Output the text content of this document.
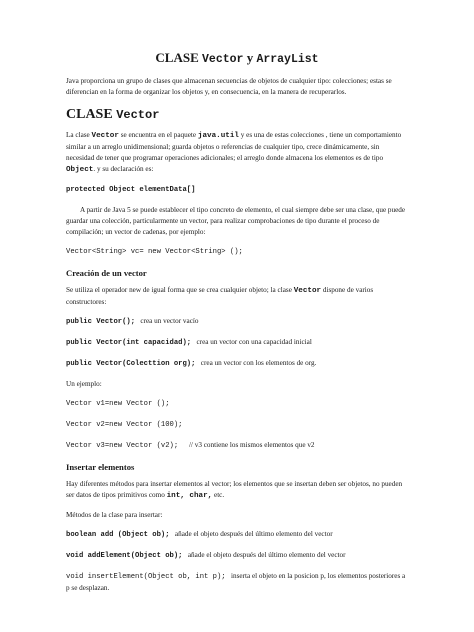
CLASE Vector y ArrayList

Java proporciona un grupo de clases que almacenan secuencias de objetos de cualquier tipo: colecciones; estas se diferencian en la forma de organizar los objetos y, en consecuencia, en la manera de recuperarlos.

CLASE Vector

La clase Vector se encuentra en el paquete java.util y es una de estas colecciones , tiene un comportamiento similar a un arreglo unidimensional; guarda objetos o referencias de cualquier tipo, crece dinámicamente, sin necesidad de tener que programar operaciones adicionales; el arreglo donde almacena los elementos es de tipo Object. y su declaración es:

protected Object elementData[]

A partir de Java 5 se puede establecer el tipo concreto de elemento, el cual siempre debe ser una clase, que puede guardar una colección, particularmente un vector, para realizar comprobaciones de tipo durante el proceso de compilación; un vector de cadenas, por ejemplo:

Vector<String> vc= new Vector<String> ();
Creación de un vector

Se utiliza el operador new de igual forma que se crea cualquier objeto; la clase Vector dispone de varios constructores:

public Vector(); crea un vector vacío
public Vector(int capacidad); crea un vector con una capacidad inicial
public Vector(Colecttion org); crea un vector con los elementos de org.

Un ejemplo:

Vector v1=new Vector ();
Vector v2=new Vector (100);
Vector v3=new Vector (v2); // v3 contiene los mismos elementos que v2
Insertar elementos

Hay diferentes métodos para insertar elementos al vector; los elementos que se insertan deben ser objetos, no pueden ser datos de tipos primitivos como int, char, etc.

Métodos de la clase para insertar:

boolean add (Object ob); añade el objeto después del último elemento del vector
void addElement(Object ob); añade el objeto después del último elemento del vector
void insertElement(Object ob, int p); inserta el objeto en la posicion p, los elementos posteriores a p se desplazan.
